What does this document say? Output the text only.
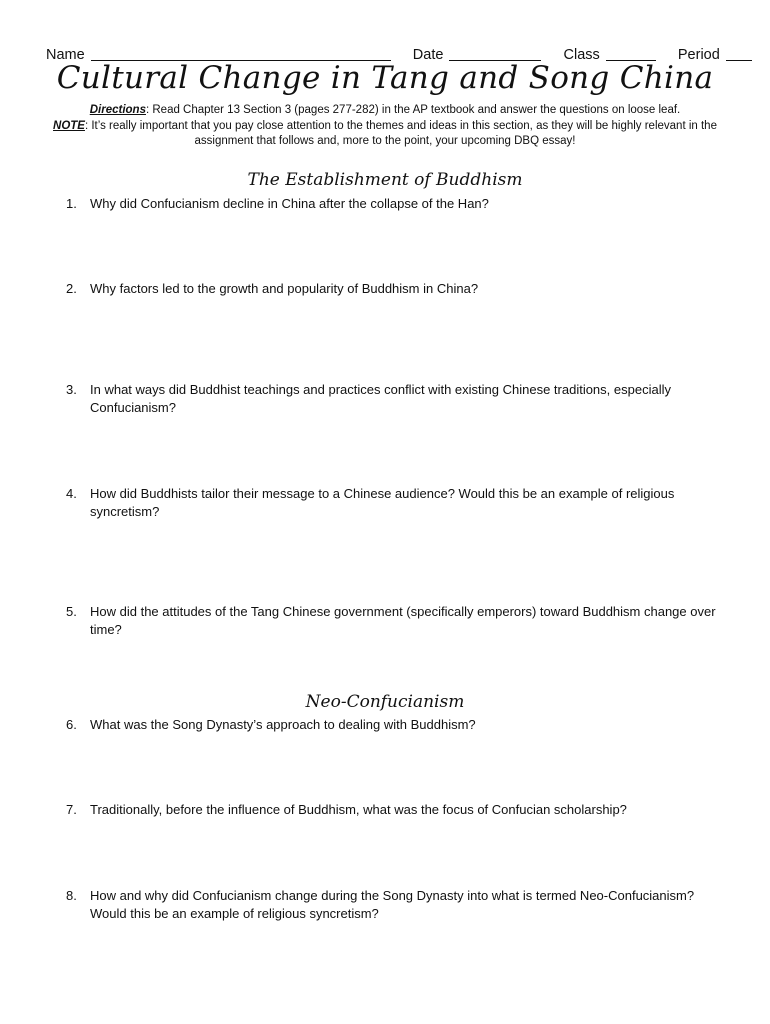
Name	Date	Class	Period
Cultural Change in Tang and Song China
Directions: Read Chapter 13 Section 3 (pages 277-282) in the AP textbook and answer the questions on loose leaf.
NOTE: It’s really important that you pay close attention to the themes and ideas in this section, as they will be highly relevant in the assignment that follows and, more to the point, your upcoming DBQ essay!
The Establishment of Buddhism
1.	Why did Confucianism decline in China after the collapse of the Han?
2.	Why factors led to the growth and popularity of Buddhism in China?
3.	In what ways did Buddhist teachings and practices conflict with existing Chinese traditions, especially Confucianism?
4.	How did Buddhists tailor their message to a Chinese audience? Would this be an example of religious syncretism?
5.	How did the attitudes of the Tang Chinese government (specifically emperors) toward Buddhism change over time?
Neo-Confucianism
6.	What was the Song Dynasty’s approach to dealing with Buddhism?
7.	Traditionally, before the influence of Buddhism, what was the focus of Confucian scholarship?
8.	How and why did Confucianism change during the Song Dynasty into what is termed Neo-Confucianism? Would this be an example of religious syncretism?
